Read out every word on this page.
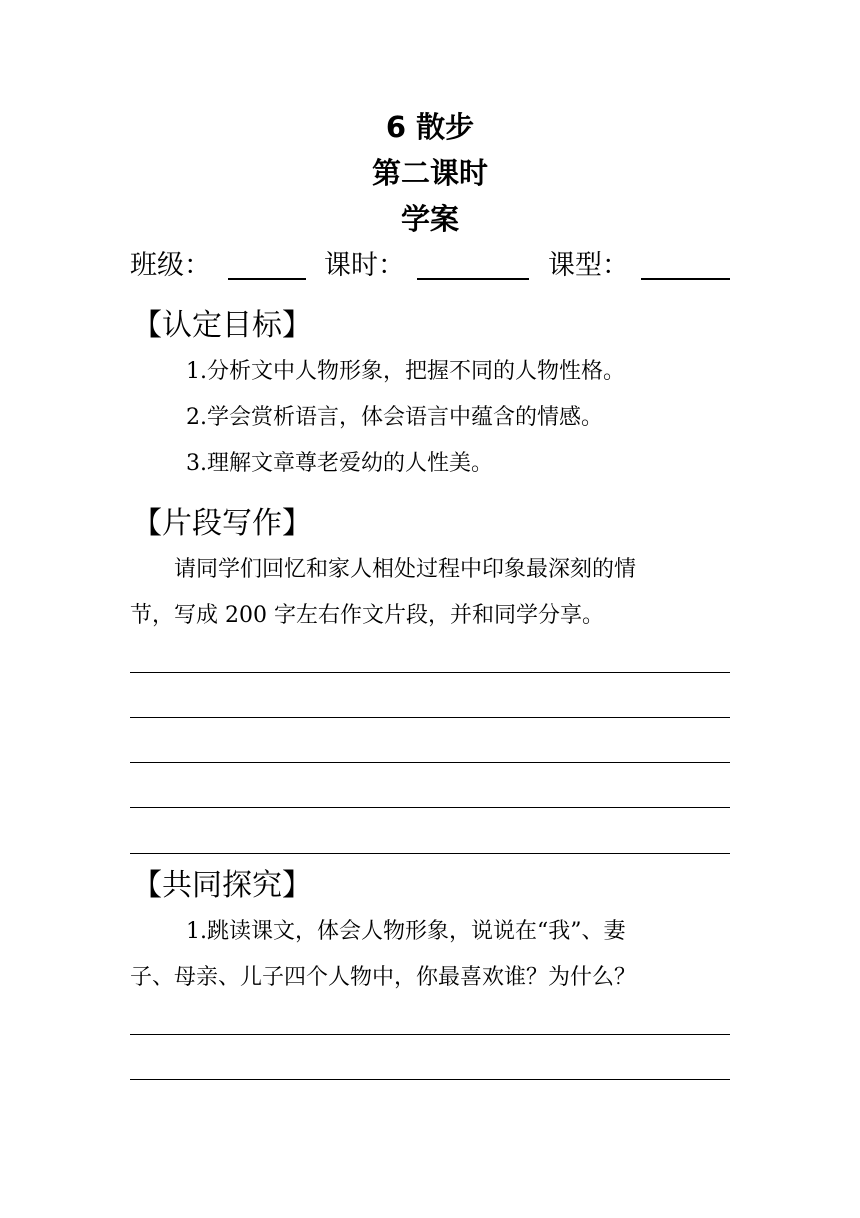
6 散步
第二课时
学案
班级：	课时：	课型：
【认定目标】
1.分析文中人物形象，把握不同的人物性格。
2.学会赏析语言，体会语言中蕴含的情感。
3.理解文章尊老爱幼的人性美。
【片段写作】
请同学们回忆和家人相处过程中印象最深刻的情
节，写成 200 字左右作文片段，并和同学分享。
【共同探究】
1.跳读课文，体会人物形象，说说在“我”、妻
子、母亲、儿子四个人物中，你最喜欢谁？为什么？
